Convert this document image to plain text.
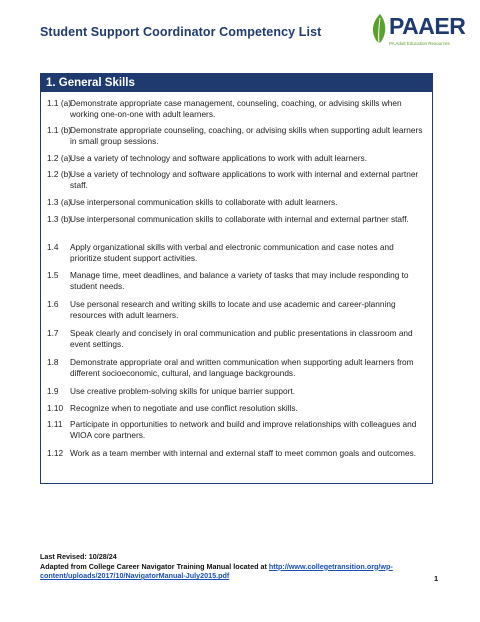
Student Support Coordinator Competency List	PAAER
PA Adult Education Resources
1. General Skills
1.1 (a) Demonstrate appropriate case management, counseling, coaching, or advising skills when working one-on-one with adult learners.
1.1 (b) Demonstrate appropriate counseling, coaching, or advising skills when supporting adult learners in small group sessions.
1.2 (a) Use a variety of technology and software applications to work with adult learners.
1.2 (b) Use a variety of technology and software applications to work with internal and external partner staff.
1.3 (a) Use interpersonal communication skills to collaborate with adult learners.
1.3 (b) Use interpersonal communication skills to collaborate with internal and external partner staff.
1.4	Apply organizational skills with verbal and electronic communication and case notes and prioritize student support activities.
1.5	Manage time, meet deadlines, and balance a variety of tasks that may include responding to student needs.
1.6	Use personal research and writing skills to locate and use academic and career-planning resources with adult learners.
1.7	Speak clearly and concisely in oral communication and public presentations in classroom and event settings.
1.8	Demonstrate appropriate oral and written communication when supporting adult learners from different socioeconomic, cultural, and language backgrounds.
1.9	Use creative problem-solving skills for unique barrier support.
1.10 Recognize when to negotiate and use conflict resolution skills.
1.11 Participate in opportunities to network and build and improve relationships with colleagues and WIOA core partners.
1.12 Work as a team member with internal and external staff to meet common goals and outcomes.
Last Revised: 10/28/24
Adapted from College Career Navigator Training Manual located at http://www.collegetransition.org/wp-content/uploads/2017/10/NavigatorManual-July2015.pdf	1
